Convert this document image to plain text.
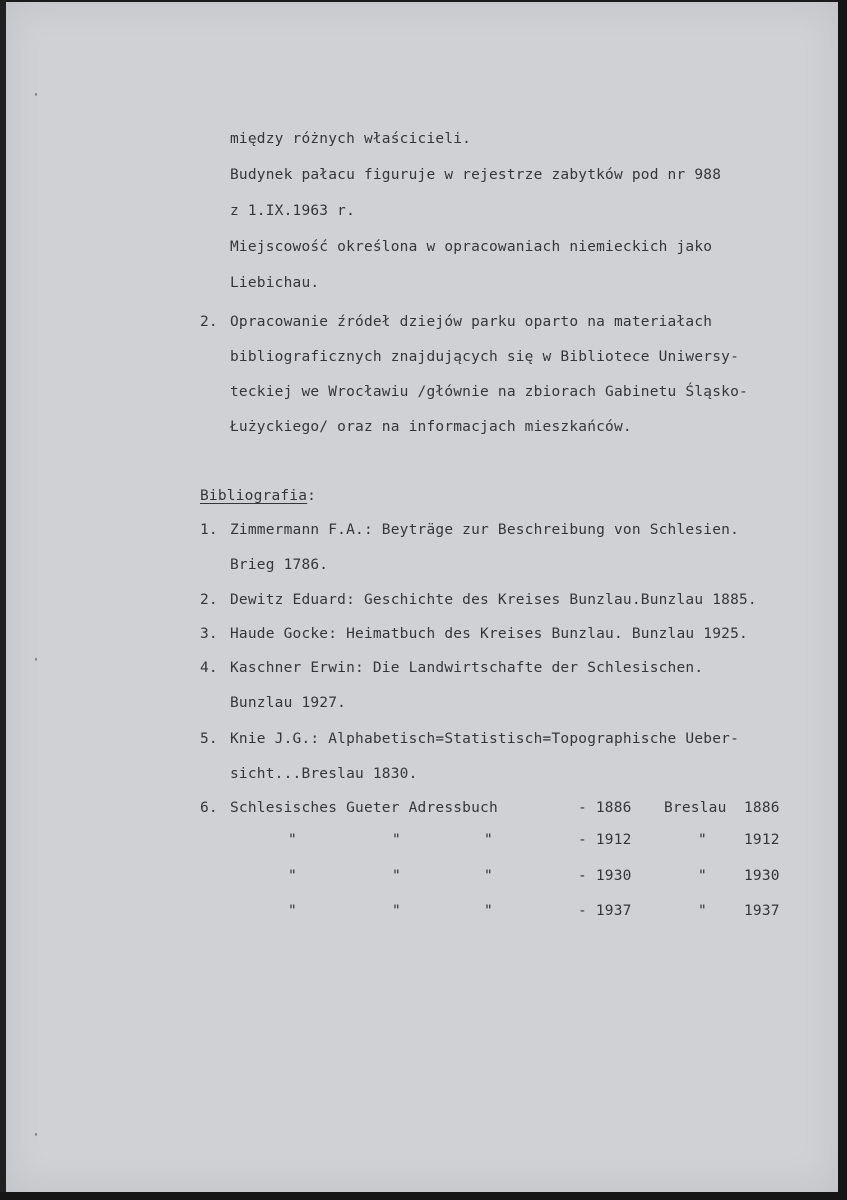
'
'
'

między różnych właścicieli.

Budynek pałacu figuruje w rejestrze zabytków pod nr 988

z 1.IX.1963 r.

Miejscowość określona w opracowaniach niemieckich jako

Liebichau.

2. Opracowanie źródeł dziejów parku oparto na materiałach

bibliograficznych znajdujących się w Bibliotece Uniwersy-

teckiej we Wrocławiu /głównie na zbiorach Gabinetu Śląsko-

Łużyckiego/ oraz na informacjach mieszkańców.

Bibliografia:

1. Zimmermann F.A.: Beyträge zur Beschreibung von Schlesien.

Brieg 1786.

2. Dewitz Eduard: Geschichte des Kreises Bunzlau.Bunzlau 1885.

3. Haude Gocke: Heimatbuch des Kreises Bunzlau. Bunzlau 1925.

4. Kaschner Erwin: Die Landwirtschafte der Schlesischen.

Bunzlau 1927.

5. Knie J.G.: Alphabetisch=Statistisch=Topographische Ueber-

sicht...Breslau 1830.

6. Schlesisches Gueter Adressbuch	- 1886 Breslau 1886

"	"	"	- 1912	"	1912

"	"	"	- 1930	"	1930

"	"	"	- 1937	"	1937
